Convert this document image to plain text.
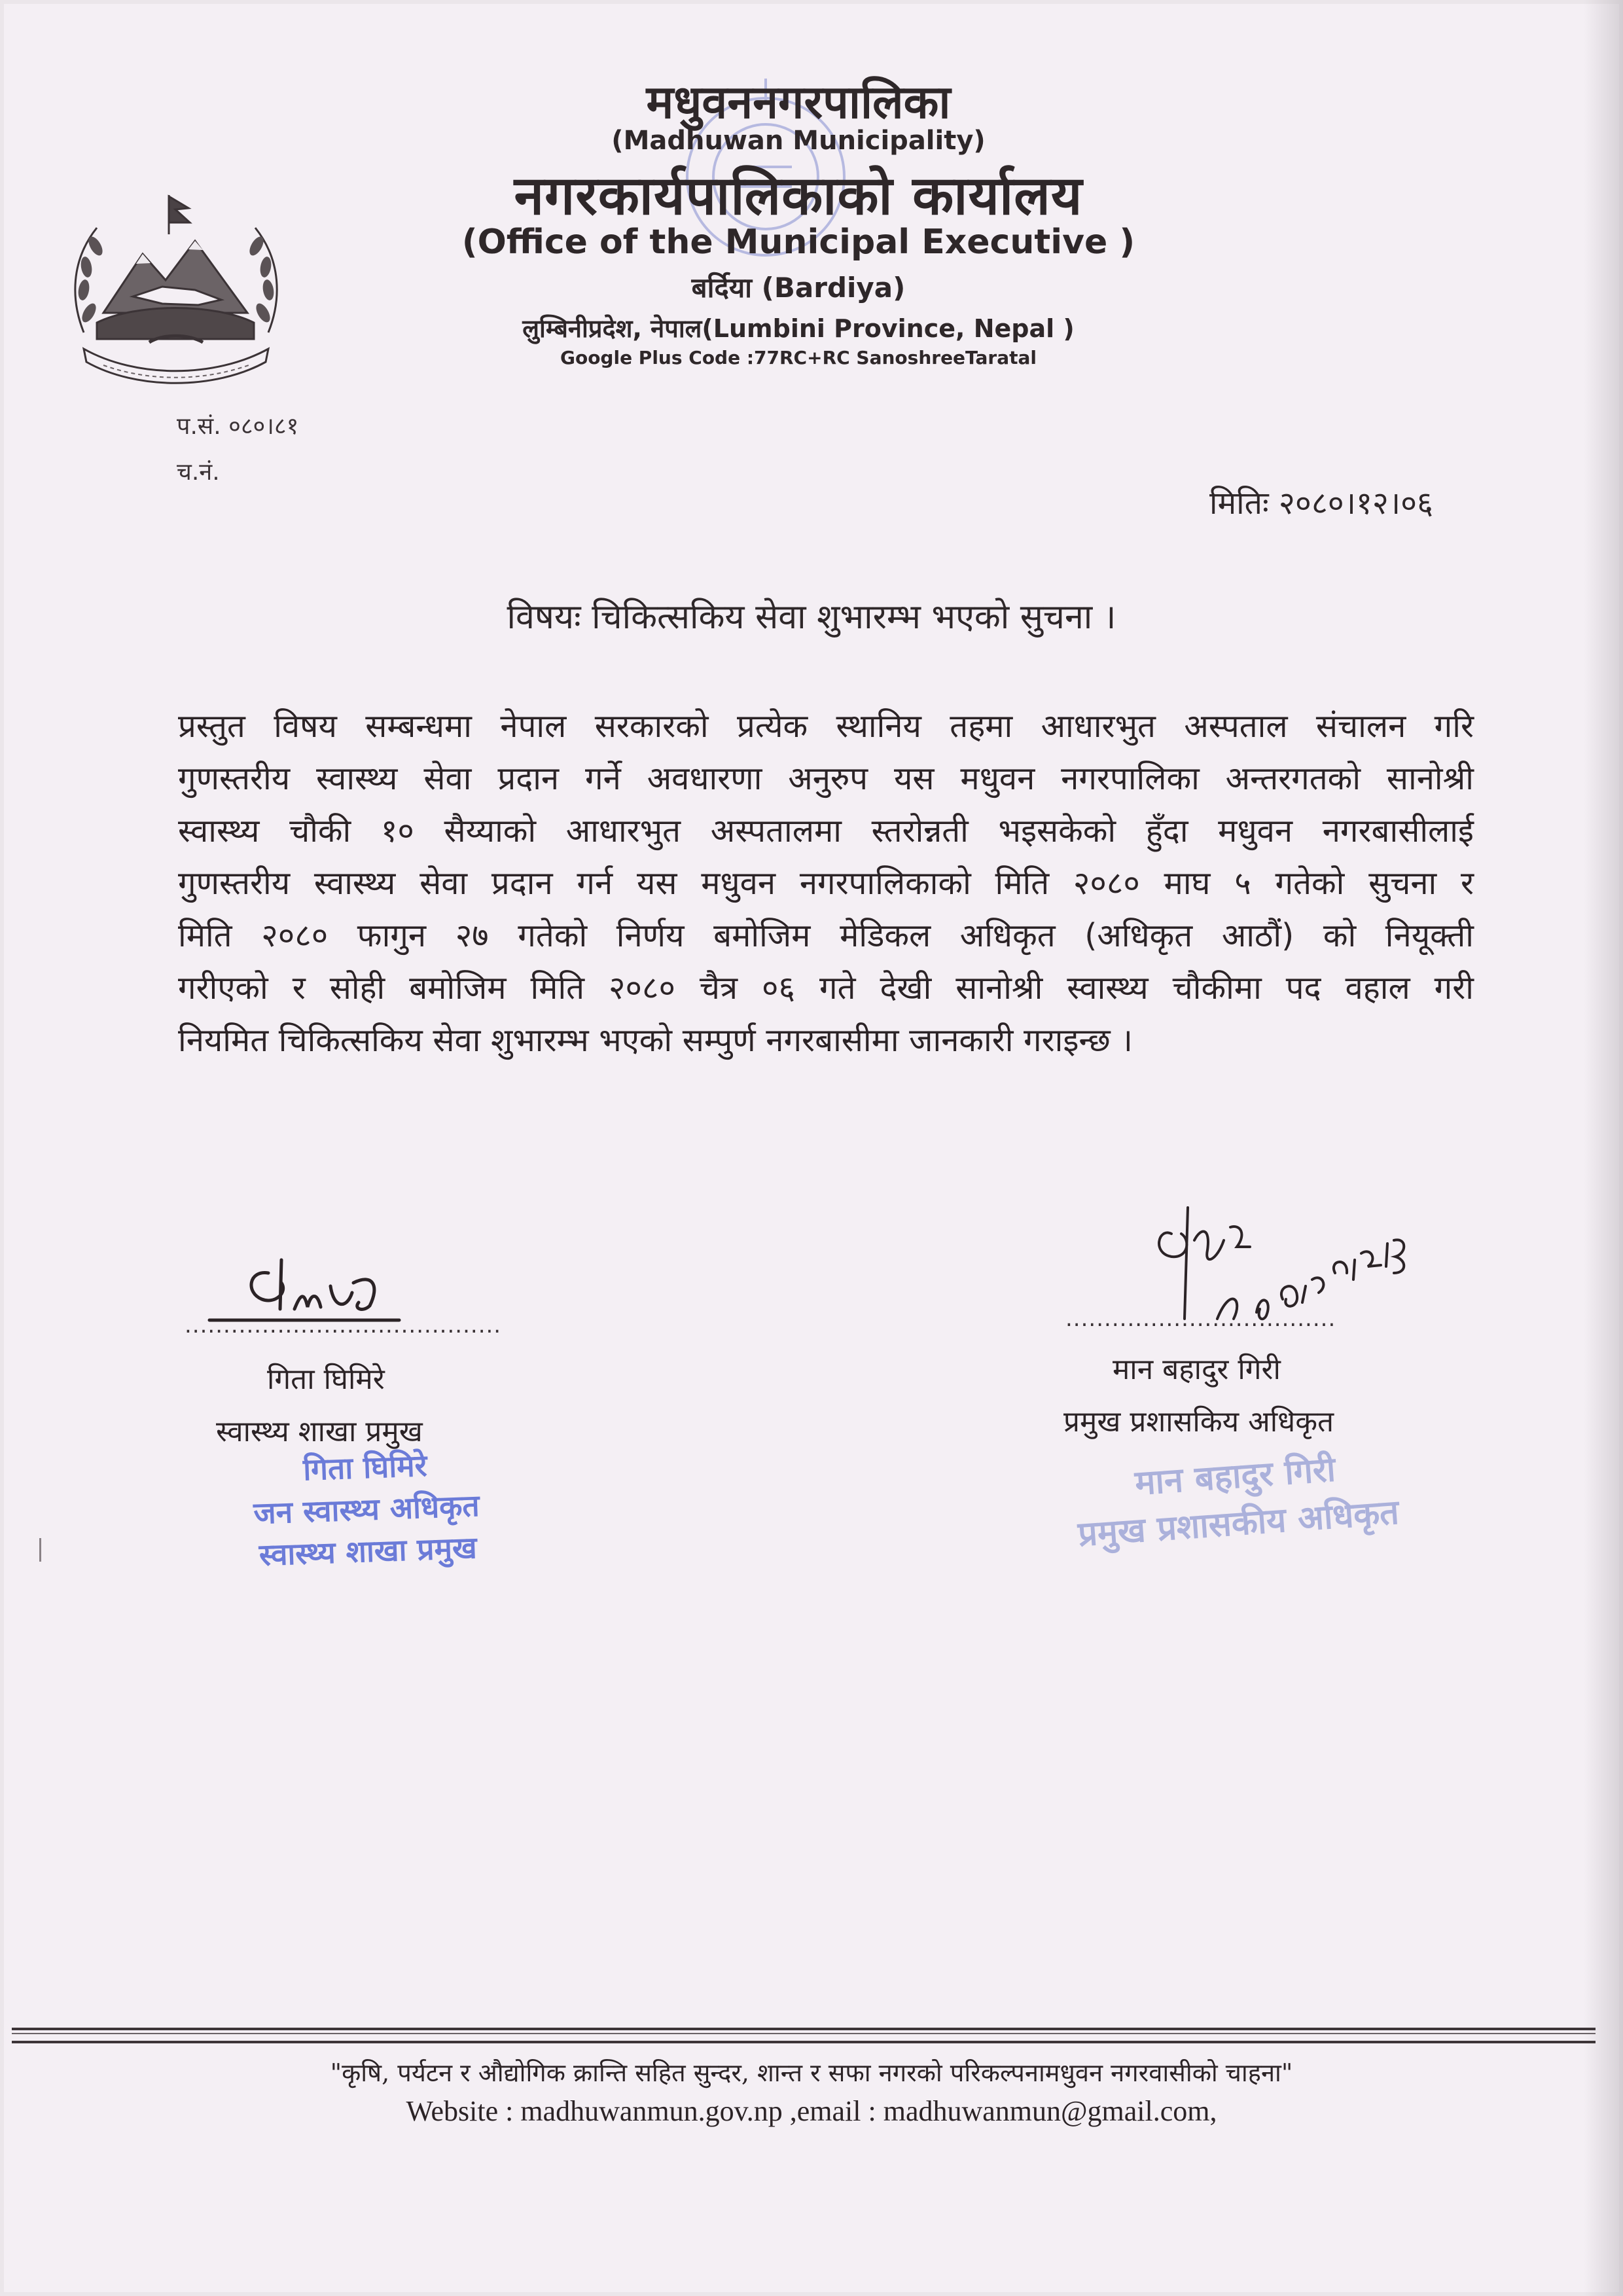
मधुवननगरपालिका
(Madhuwan Municipality)
नगरकार्यपालिकाको कार्यालय
(Office of the Municipal Executive )
बर्दिया (Bardiya)
लुम्बिनीप्रदेश, नेपाल(Lumbini Province, Nepal )
Google Plus Code :77RC+RC SanoshreeTaratal
प.सं. ०८०।८१
च.नं.
मितिः २०८०।१२।०६
विषयः चिकित्सकिय सेवा शुभारम्भ भएको सुचना ।
प्रस्तुत विषय सम्बन्धमा नेपाल सरकारको प्रत्येक स्थानिय तहमा आधारभुत अस्पताल संचालन गरि
गुणस्तरीय स्वास्थ्य सेवा प्रदान गर्ने अवधारणा अनुरुप यस मधुवन नगरपालिका अन्तरगतको सानोश्री
स्वास्थ्य चौकी १० सैय्याको आधारभुत अस्पतालमा स्तरोन्नती भइसकेको हुँदा मधुवन नगरबासीलाई
गुणस्तरीय स्वास्थ्य सेवा प्रदान गर्न यस मधुवन नगरपालिकाको मिति २०८० माघ ५ गतेको सुचना र
मिति २०८० फागुन २७ गतेको निर्णय बमोजिम मेडिकल अधिकृत (अधिकृत आठौं) को नियूक्ती
गरीएको र सोही बमोजिम मिति २०८० चैत्र ०६ गते देखी सानोश्री स्वास्थ्य चौकीमा पद वहाल गरी
नियमित चिकित्सकिय सेवा शुभारम्भ भएको सम्पुर्ण नगरबासीमा जानकारी गराइन्छ ।
.........................................	...................................
गिता घिमिरे
स्वास्थ्य शाखा प्रमुख
मान बहादुर गिरी
प्रमुख प्रशासकिय अधिकृत
गिता घिमिरे
जन स्वास्थ्य अधिकृत
स्वास्थ्य शाखा प्रमुख
मान बहादुर गिरी
प्रमुख प्रशासकीय अधिकृत
"कृषि, पर्यटन र औद्योगिक क्रान्ति सहित सुन्दर, शान्त र सफा नगरको परिकल्पनामधुवन नगरवासीको चाहना"
Website : madhuwanmun.gov.np ,email : madhuwanmun@gmail.com,
